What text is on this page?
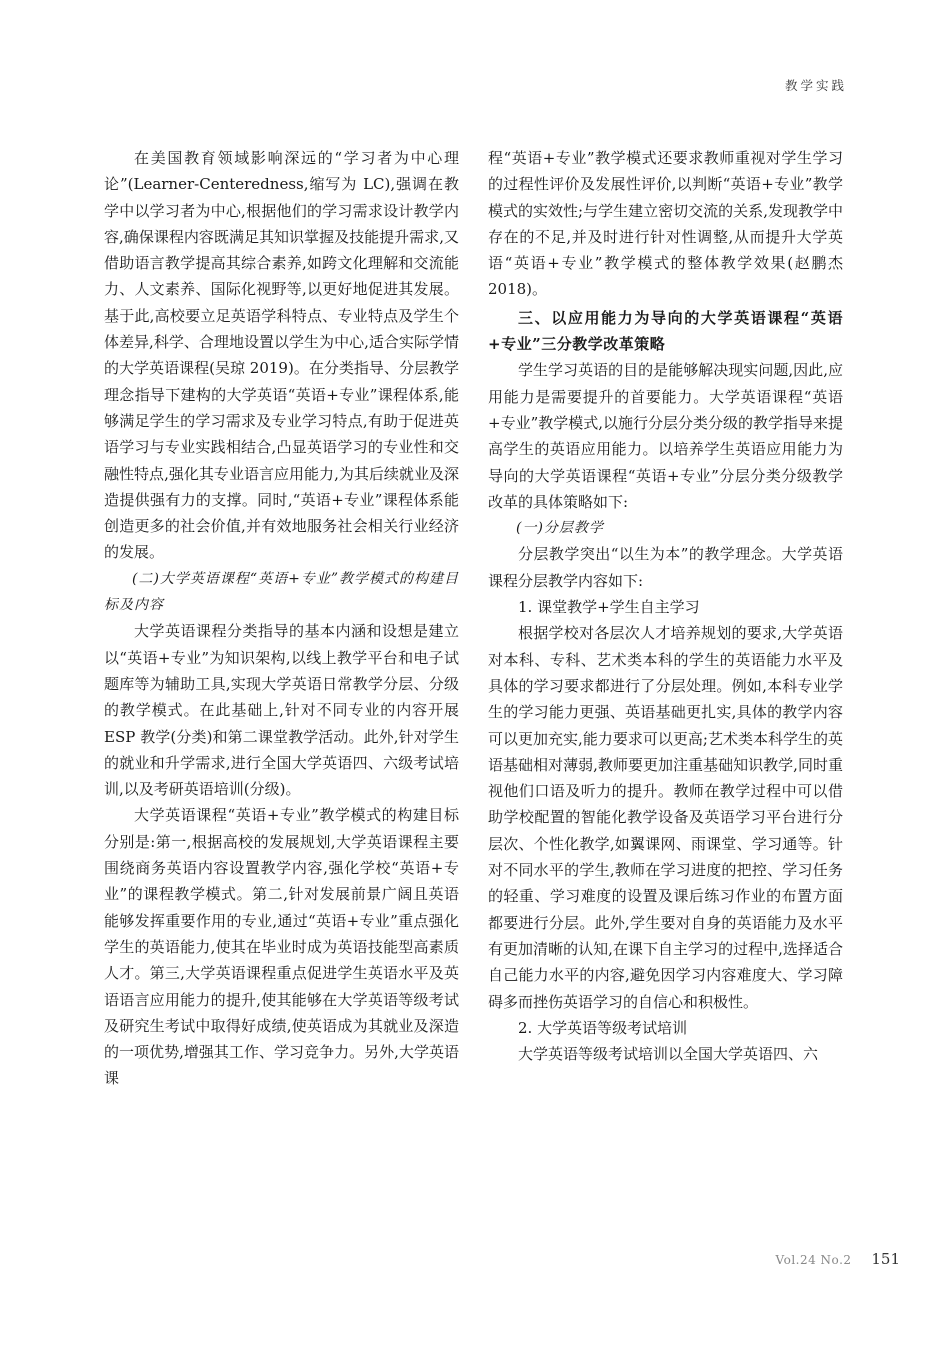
教学实践

在美国教育领域影响深远的“学习者为中心理论”(Learner-Centeredness,缩写为 LC),强调在教学中以学习者为中心,根据他们的学习需求设计教学内容,确保课程内容既满足其知识掌握及技能提升需求,又借助语言教学提高其综合素养,如跨文化理解和交流能力、人文素养、国际化视野等,以更好地促进其发展。基于此,高校要立足英语学科特点、专业特点及学生个体差异,科学、合理地设置以学生为中心,适合实际学情的大学英语课程(吴琼 2019)。在分类指导、分层教学理念指导下建构的大学英语“英语+专业”课程体系,能够满足学生的学习需求及专业学习特点,有助于促进英语学习与专业实践相结合,凸显英语学习的专业性和交融性特点,强化其专业语言应用能力,为其后续就业及深造提供强有力的支撑。同时,“英语+专业”课程体系能创造更多的社会价值,并有效地服务社会相关行业经济的发展。

(二)大学英语课程“英语+专业”教学模式的构建目标及内容

大学英语课程分类指导的基本内涵和设想是建立以“英语+专业”为知识架构,以线上教学平台和电子试题库等为辅助工具,实现大学英语日常教学分层、分级的教学模式。在此基础上,针对不同专业的内容开展 ESP 教学(分类)和第二课堂教学活动。此外,针对学生的就业和升学需求,进行全国大学英语四、六级考试培训,以及考研英语培训(分级)。

大学英语课程“英语+专业”教学模式的构建目标分别是:第一,根据高校的发展规划,大学英语课程主要围绕商务英语内容设置教学内容,强化学校“英语+专业”的课程教学模式。第二,针对发展前景广阔且英语能够发挥重要作用的专业,通过“英语+专业”重点强化学生的英语能力,使其在毕业时成为英语技能型高素质人才。第三,大学英语课程重点促进学生英语水平及英语语言应用能力的提升,使其能够在大学英语等级考试及研究生考试中取得好成绩,使英语成为其就业及深造的一项优势,增强其工作、学习竞争力。另外,大学英语课

程“英语+专业”教学模式还要求教师重视对学生学习的过程性评价及发展性评价,以判断“英语+专业”教学模式的实效性;与学生建立密切交流的关系,发现教学中存在的不足,并及时进行针对性调整,从而提升大学英语“英语+专业”教学模式的整体教学效果(赵鹏杰 2018)。

三、以应用能力为导向的大学英语课程“英语+专业”三分教学改革策略

学生学习英语的目的是能够解决现实问题,因此,应用能力是需要提升的首要能力。大学英语课程“英语+专业”教学模式,以施行分层分类分级的教学指导来提高学生的英语应用能力。以培养学生英语应用能力为导向的大学英语课程“英语+专业”分层分类分级教学改革的具体策略如下:

(一)分层教学

分层教学突出“以生为本”的教学理念。大学英语课程分层教学内容如下:

1. 课堂教学+学生自主学习

根据学校对各层次人才培养规划的要求,大学英语对本科、专科、艺术类本科的学生的英语能力水平及具体的学习要求都进行了分层处理。例如,本科专业学生的学习能力更强、英语基础更扎实,具体的教学内容可以更加充实,能力要求可以更高;艺术类本科学生的英语基础相对薄弱,教师要更加注重基础知识教学,同时重视他们口语及听力的提升。教师在教学过程中可以借助学校配置的智能化教学设备及英语学习平台进行分层次、个性化教学,如翼课网、雨课堂、学习通等。针对不同水平的学生,教师在学习进度的把控、学习任务的轻重、学习难度的设置及课后练习作业的布置方面都要进行分层。此外,学生要对自身的英语能力及水平有更加清晰的认知,在课下自主学习的过程中,选择适合自己能力水平的内容,避免因学习内容难度大、学习障碍多而挫伤英语学习的自信心和积极性。

2. 大学英语等级考试培训

大学英语等级考试培训以全国大学英语四、六

Vol.24 No.2 151
